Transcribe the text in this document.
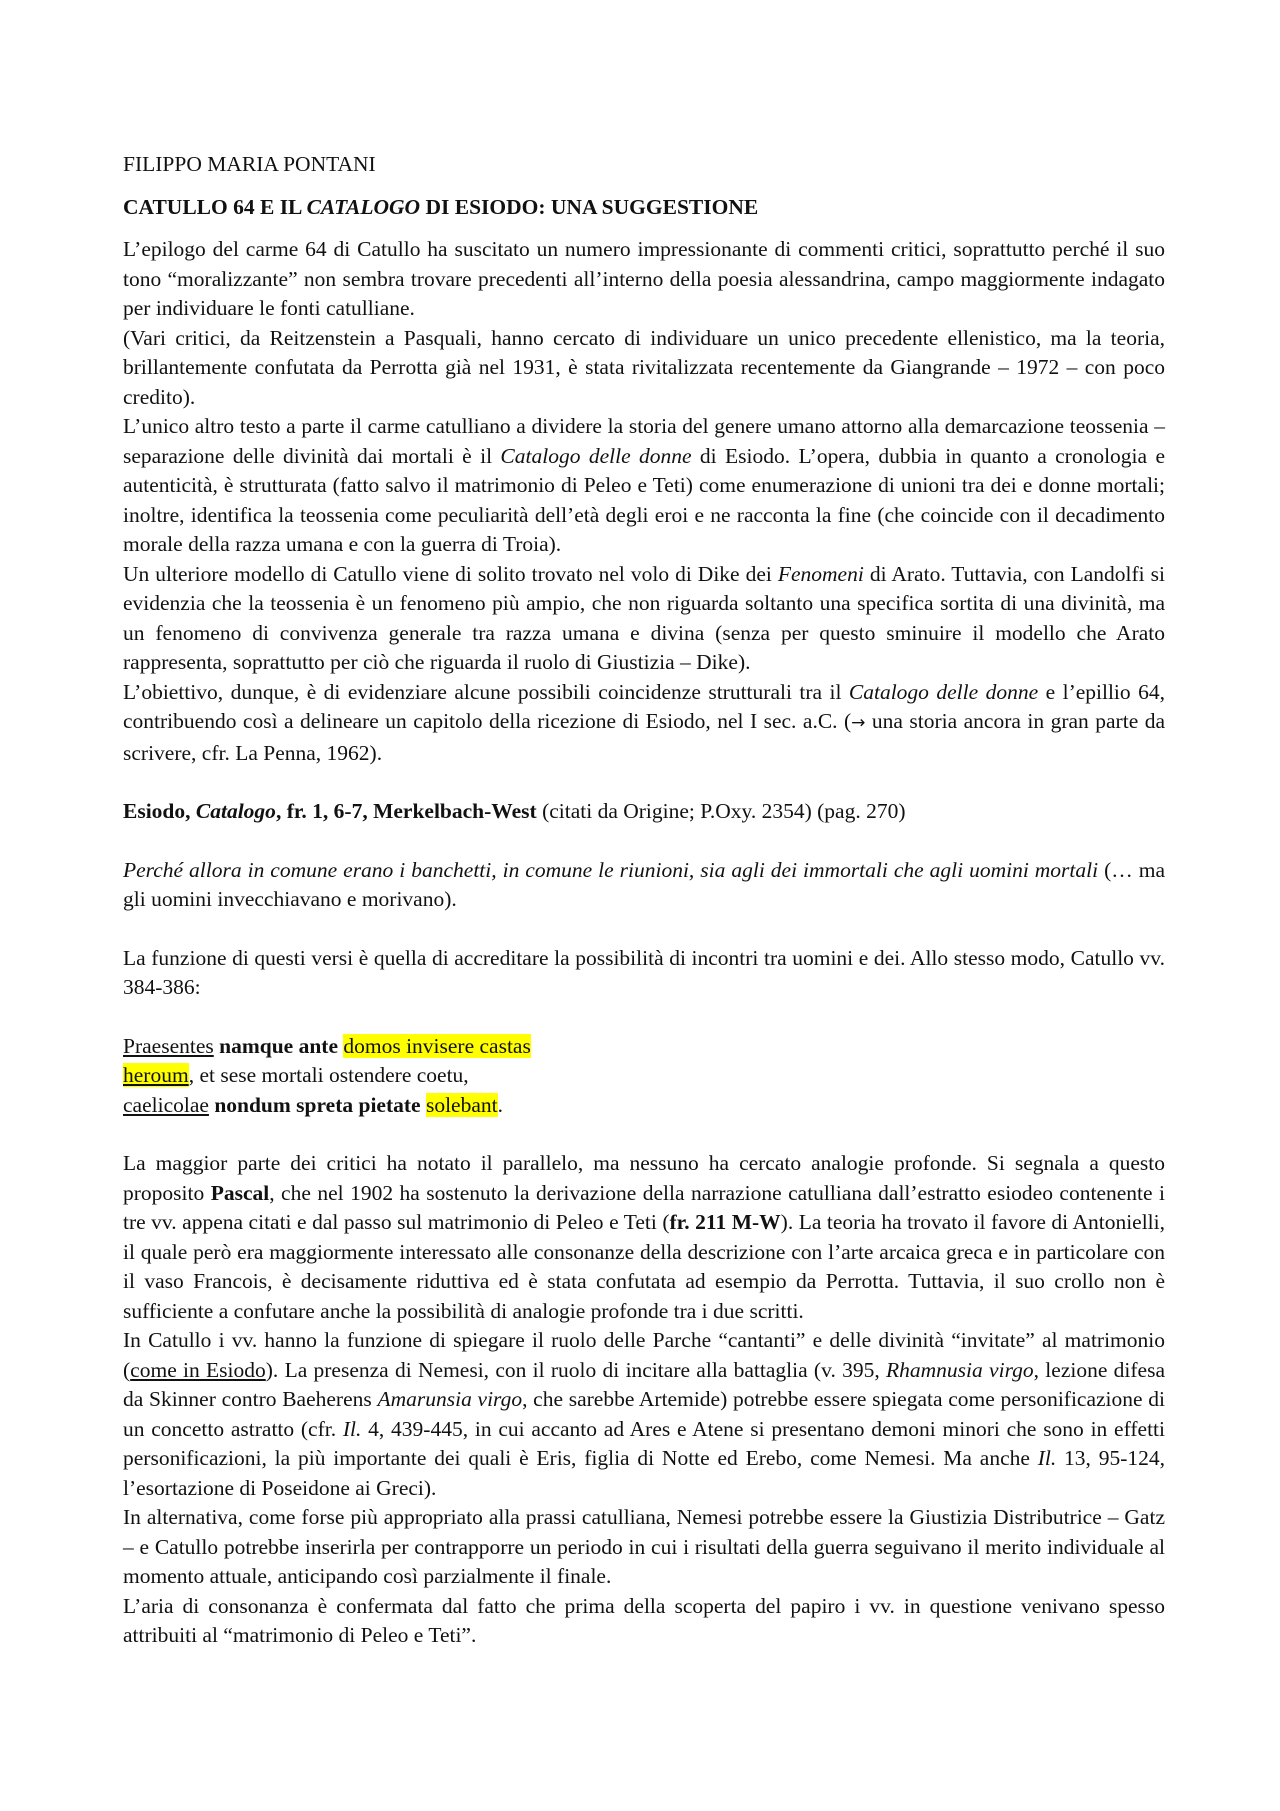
FILIPPO MARIA PONTANI

CATULLO 64 E IL CATALOGO DI ESIODO: UNA SUGGESTIONE

L’epilogo del carme 64 di Catullo ha suscitato un numero impressionante di commenti critici, soprattutto perché il suo tono “moralizzante” non sembra trovare precedenti all’interno della poesia alessandrina, campo maggiormente indagato per individuare le fonti catulliane.

(Vari critici, da Reitzenstein a Pasquali, hanno cercato di individuare un unico precedente ellenistico, ma la teoria, brillantemente confutata da Perrotta già nel 1931, è stata rivitalizzata recentemente da Giangrande – 1972 – con poco credito).

L’unico altro testo a parte il carme catulliano a dividere la storia del genere umano attorno alla demarcazione teossenia – separazione delle divinità dai mortali è il Catalogo delle donne di Esiodo. L’opera, dubbia in quanto a cronologia e autenticità, è strutturata (fatto salvo il matrimonio di Peleo e Teti) come enumerazione di unioni tra dei e donne mortali; inoltre, identifica la teossenia come peculiarità dell’età degli eroi e ne racconta la fine (che coincide con il decadimento morale della razza umana e con la guerra di Troia).

Un ulteriore modello di Catullo viene di solito trovato nel volo di Dike dei Fenomeni di Arato. Tuttavia, con Landolfi si evidenzia che la teossenia è un fenomeno più ampio, che non riguarda soltanto una specifica sortita di una divinità, ma un fenomeno di convivenza generale tra razza umana e divina (senza per questo sminuire il modello che Arato rappresenta, soprattutto per ciò che riguarda il ruolo di Giustizia – Dike).

L’obiettivo, dunque, è di evidenziare alcune possibili coincidenze strutturali tra il Catalogo delle donne e l’epillio 64, contribuendo così a delineare un capitolo della ricezione di Esiodo, nel I sec. a.C. (→ una storia ancora in gran parte da scrivere, cfr. La Penna, 1962).

Esiodo, Catalogo, fr. 1, 6-7, Merkelbach-West (citati da Origine; P.Oxy. 2354) (pag. 270)

Perché allora in comune erano i banchetti, in comune le riunioni, sia agli dei immortali che agli uomini mortali (… ma gli uomini invecchiavano e morivano).

La funzione di questi versi è quella di accreditare la possibilità di incontri tra uomini e dei. Allo stesso modo, Catullo vv. 384-386:

Praesentes namque ante domos invisere castas

heroum, et sese mortali ostendere coetu,

caelicolae nondum spreta pietate solebant.

La maggior parte dei critici ha notato il parallelo, ma nessuno ha cercato analogie profonde. Si segnala a questo proposito Pascal, che nel 1902 ha sostenuto la derivazione della narrazione catulliana dall’estratto esiodeo contenente i tre vv. appena citati e dal passo sul matrimonio di Peleo e Teti (fr. 211 M-W). La teoria ha trovato il favore di Antonielli, il quale però era maggiormente interessato alle consonanze della descrizione con l’arte arcaica greca e in particolare con il vaso Francois, è decisamente riduttiva ed è stata confutata ad esempio da Perrotta. Tuttavia, il suo crollo non è sufficiente a confutare anche la possibilità di analogie profonde tra i due scritti.

In Catullo i vv. hanno la funzione di spiegare il ruolo delle Parche “cantanti” e delle divinità “invitate” al matrimonio (come in Esiodo). La presenza di Nemesi, con il ruolo di incitare alla battaglia (v. 395, Rhamnusia virgo, lezione difesa da Skinner contro Baeherens Amarunsia virgo, che sarebbe Artemide) potrebbe essere spiegata come personificazione di un concetto astratto (cfr. Il. 4, 439-445, in cui accanto ad Ares e Atene si presentano demoni minori che sono in effetti personificazioni, la più importante dei quali è Eris, figlia di Notte ed Erebo, come Nemesi. Ma anche Il. 13, 95-124, l’esortazione di Poseidone ai Greci).

In alternativa, come forse più appropriato alla prassi catulliana, Nemesi potrebbe essere la Giustizia Distributrice – Gatz – e Catullo potrebbe inserirla per contrapporre un periodo in cui i risultati della guerra seguivano il merito individuale al momento attuale, anticipando così parzialmente il finale.

L’aria di consonanza è confermata dal fatto che prima della scoperta del papiro i vv. in questione venivano spesso attribuiti al “matrimonio di Peleo e Teti”.
